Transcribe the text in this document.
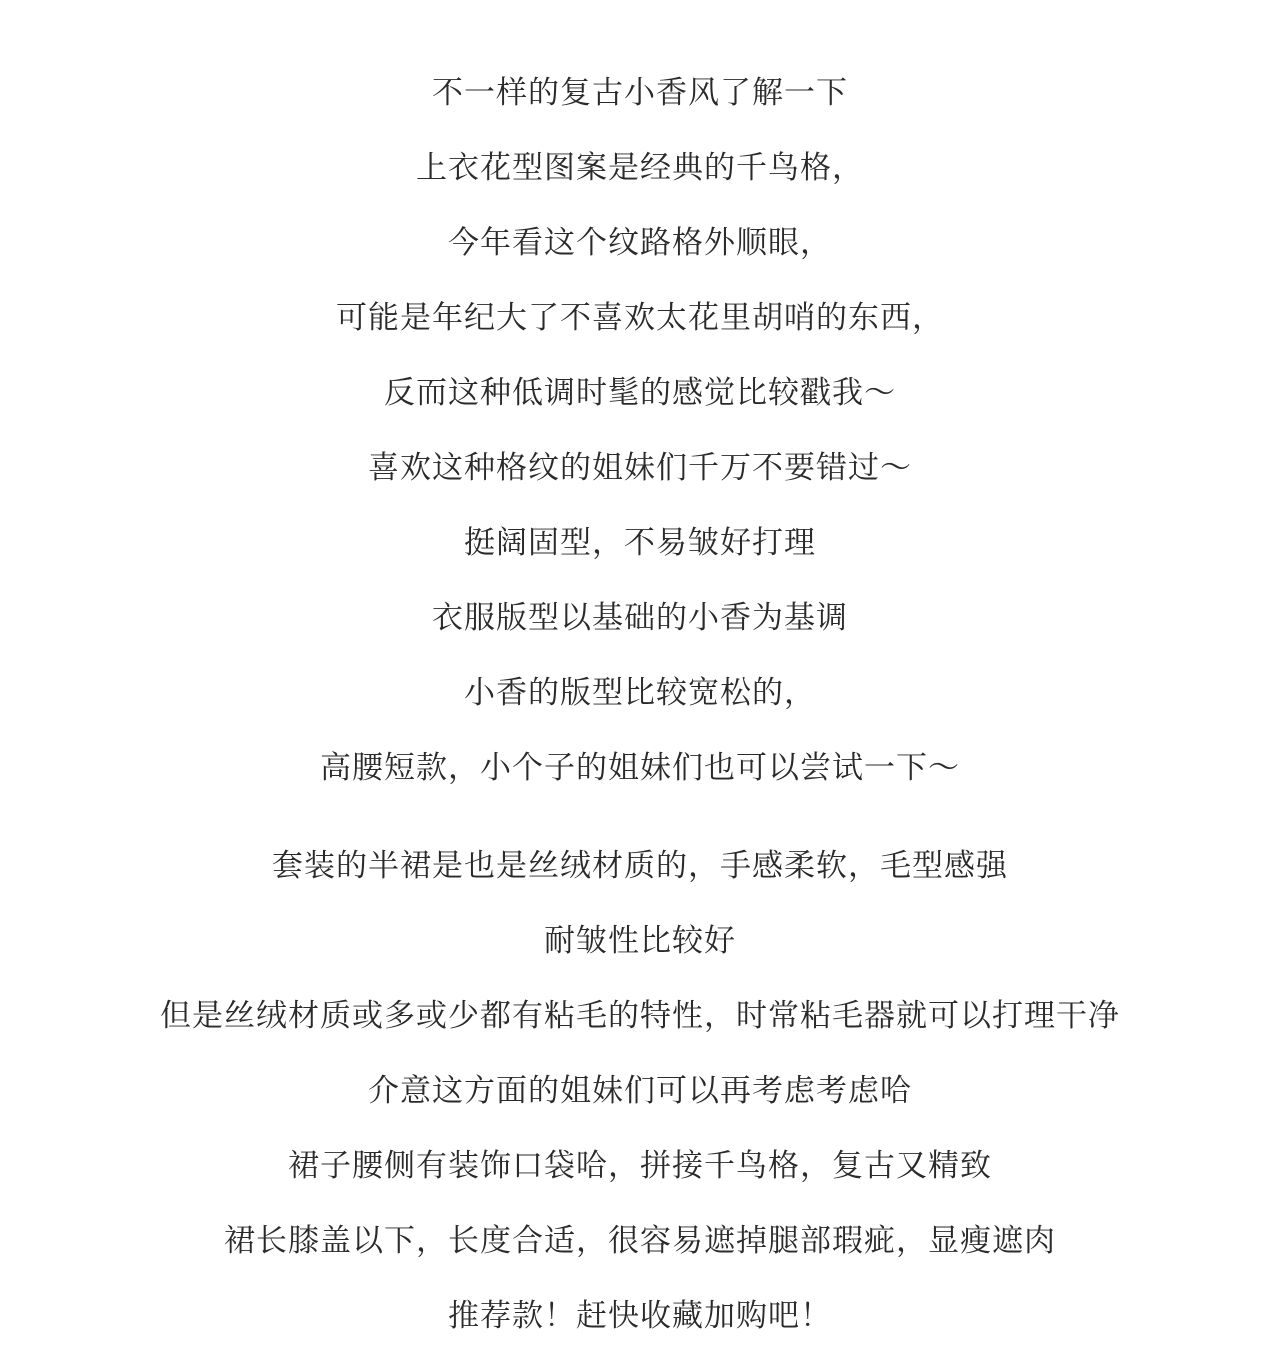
不一样的复古小香风了解一下
上衣花型图案是经典的千鸟格，
今年看这个纹路格外顺眼，
可能是年纪大了不喜欢太花里胡哨的东西，
反而这种低调时髦的感觉比较戳我～
喜欢这种格纹的姐妹们千万不要错过～
挺阔固型，不易皱好打理
衣服版型以基础的小香为基调
小香的版型比较宽松的，
高腰短款，小个子的姐妹们也可以尝试一下～
套装的半裙是也是丝绒材质的，手感柔软，毛型感强
耐皱性比较好
但是丝绒材质或多或少都有粘毛的特性，时常粘毛器就可以打理干净
介意这方面的姐妹们可以再考虑考虑哈
裙子腰侧有装饰口袋哈，拼接千鸟格，复古又精致
裙长膝盖以下，长度合适，很容易遮掉腿部瑕疵，显瘦遮肉
推荐款！赶快收藏加购吧！
